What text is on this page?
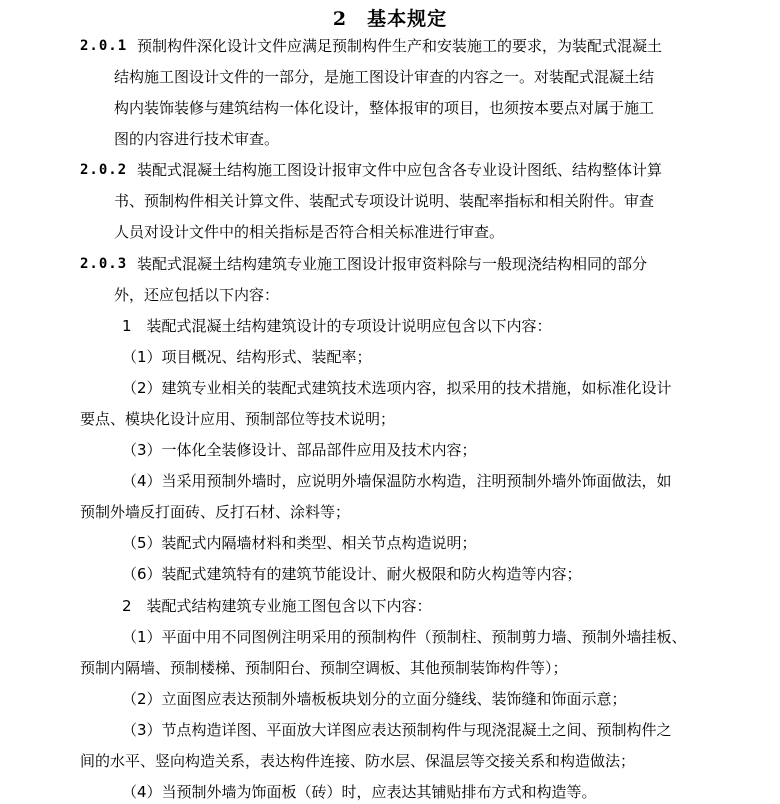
2　基本规定
2.0.1 预制构件深化设计文件应满足预制构件生产和安装施工的要求，为装配式混凝土
结构施工图设计文件的一部分，是施工图设计审查的内容之一。对装配式混凝土结
构内装饰装修与建筑结构一体化设计，整体报审的项目，也须按本要点对属于施工
图的内容进行技术审查。
2.0.2 装配式混凝土结构施工图设计报审文件中应包含各专业设计图纸、结构整体计算
书、预制构件相关计算文件、装配式专项设计说明、装配率指标和相关附件。审查
人员对设计文件中的相关指标是否符合相关标准进行审查。
2.0.3 装配式混凝土结构建筑专业施工图设计报审资料除与一般现浇结构相同的部分
外，还应包括以下内容：
1　装配式混凝土结构建筑设计的专项设计说明应包含以下内容：
（1）项目概况、结构形式、装配率；
（2）建筑专业相关的装配式建筑技术选项内容，拟采用的技术措施，如标准化设计
要点、模块化设计应用、预制部位等技术说明；
（3）一体化全装修设计、部品部件应用及技术内容；
（4）当采用预制外墙时，应说明外墙保温防水构造，注明预制外墙外饰面做法，如
预制外墙反打面砖、反打石材、涂料等；
（5）装配式内隔墙材料和类型、相关节点构造说明；
（6）装配式建筑特有的建筑节能设计、耐火极限和防火构造等内容；
2　装配式结构建筑专业施工图包含以下内容：
（1）平面中用不同图例注明采用的预制构件（预制柱、预制剪力墙、预制外墙挂板、
预制内隔墙、预制楼梯、预制阳台、预制空调板、其他预制装饰构件等）；
（2）立面图应表达预制外墙板板块划分的立面分缝线、装饰缝和饰面示意；
（3）节点构造详图、平面放大详图应表达预制构件与现浇混凝土之间、预制构件之
间的水平、竖向构造关系，表达构件连接、防水层、保温层等交接关系和构造做法；
（4）当预制外墙为饰面板（砖）时，应表达其铺贴排布方式和构造等。
